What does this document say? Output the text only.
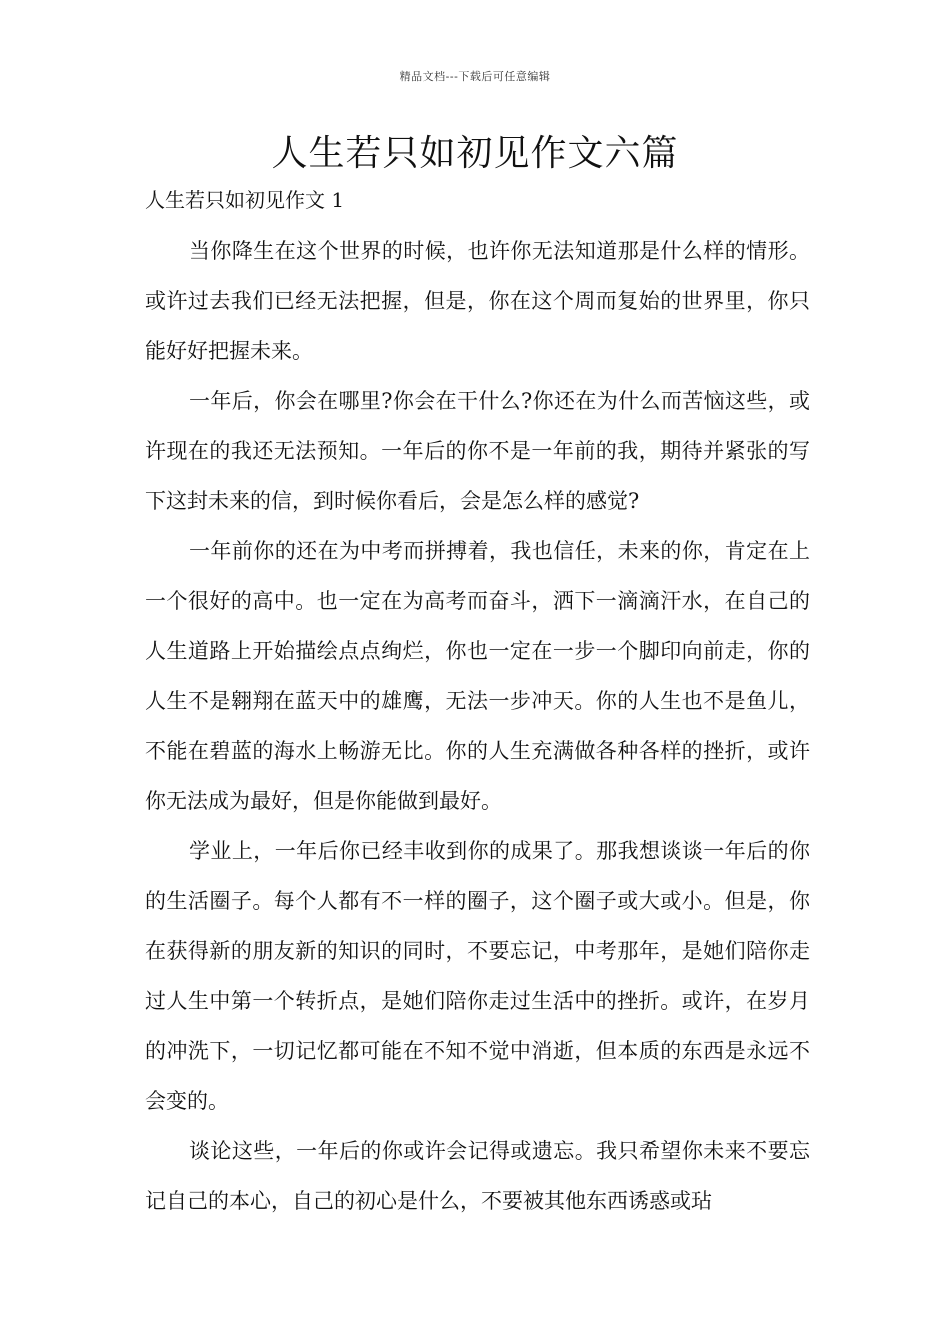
精品文档---下载后可任意编辑
人生若只如初见作文六篇
人生若只如初见作文 1

当你降生在这个世界的时候，也许你无法知道那是什么样的情形。或许过去我们已经无法把握，但是，你在这个周而复始的世界里，你只能好好把握未来。

一年后，你会在哪里?你会在干什么?你还在为什么而苦恼这些，或许现在的我还无法预知。一年后的你不是一年前的我，期待并紧张的写下这封未来的信，到时候你看后，会是怎么样的感觉?

一年前你的还在为中考而拼搏着，我也信任，未来的你，肯定在上一个很好的高中。也一定在为高考而奋斗，洒下一滴滴汗水，在自己的人生道路上开始描绘点点绚烂，你也一定在一步一个脚印向前走，你的人生不是翱翔在蓝天中的雄鹰，无法一步冲天。你的人生也不是鱼儿，不能在碧蓝的海水上畅游无比。你的人生充满做各种各样的挫折，或许你无法成为最好，但是你能做到最好。

学业上，一年后你已经丰收到你的成果了。那我想谈谈一年后的你的生活圈子。每个人都有不一样的圈子，这个圈子或大或小。但是，你在获得新的朋友新的知识的同时，不要忘记，中考那年，是她们陪你走过人生中第一个转折点，是她们陪你走过生活中的挫折。或许，在岁月的冲洗下，一切记忆都可能在不知不觉中消逝，但本质的东西是永远不会变的。

谈论这些，一年后的你或许会记得或遗忘。我只希望你未来不要忘记自己的本心，自己的初心是什么，不要被其他东西诱惑或玷
